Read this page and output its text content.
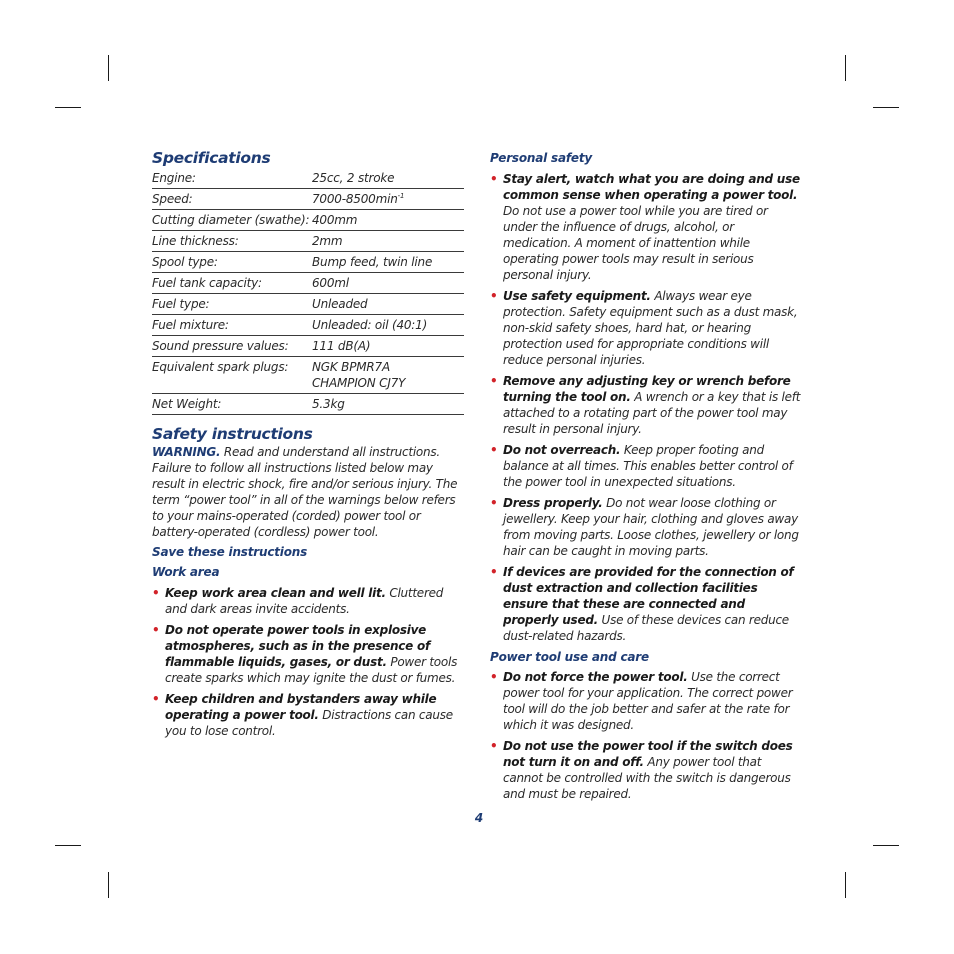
Specifications
Engine:	25cc, 2 stroke
Speed:	$7000-8500\min^{-1}$
Cutting diameter (swathe):	400mm
Line thickness:	2mm
Spool type:	Bump feed, twin line
Fuel tank capacity:	600ml
Fuel type:	Unleaded
Fuel mixture:	Unleaded: oil (40:1)
Sound pressure values:	111 dB(A)
Equivalent spark plugs:	NGK BPMR7A
CHAMPION CJ7Y
Net Weight:	5.3kg
Safety instructions

WARNING. Read and understand all instructions. Failure to follow all instructions listed below may result in electric shock, fire and/or serious injury. The term “power tool” in all of the warnings below refers to your mains-operated (corded) power tool or battery-operated (cordless) power tool.

Save these instructions
Work area
• Keep work area clean and well lit. Cluttered and dark areas invite accidents.
• Do not operate power tools in explosive atmospheres, such as in the presence of flammable liquids, gases, or dust. Power tools create sparks which may ignite the dust or fumes.
• Keep children and bystanders away while operating a power tool. Distractions can cause you to lose control.
Personal safety
• Stay alert, watch what you are doing and use common sense when operating a power tool. Do not use a power tool while you are tired or under the influence of drugs, alcohol, or medication. A moment of inattention while operating power tools may result in serious personal injury.
• Use safety equipment. Always wear eye protection. Safety equipment such as a dust mask, non-skid safety shoes, hard hat, or hearing protection used for appropriate conditions will reduce personal injuries.
• Remove any adjusting key or wrench before turning the tool on. A wrench or a key that is left attached to a rotating part of the power tool may result in personal injury.
• Do not overreach. Keep proper footing and balance at all times. This enables better control of the power tool in unexpected situations.
• Dress properly. Do not wear loose clothing or jewellery. Keep your hair, clothing and gloves away from moving parts. Loose clothes, jewellery or long hair can be caught in moving parts.
• If devices are provided for the connection of dust extraction and collection facilities ensure that these are connected and properly used. Use of these devices can reduce dust-related hazards.
Power tool use and care
• Do not force the power tool. Use the correct power tool for your application. The correct power tool will do the job better and safer at the rate for which it was designed.
• Do not use the power tool if the switch does not turn it on and off. Any power tool that cannot be controlled with the switch is dangerous and must be repaired.
4
